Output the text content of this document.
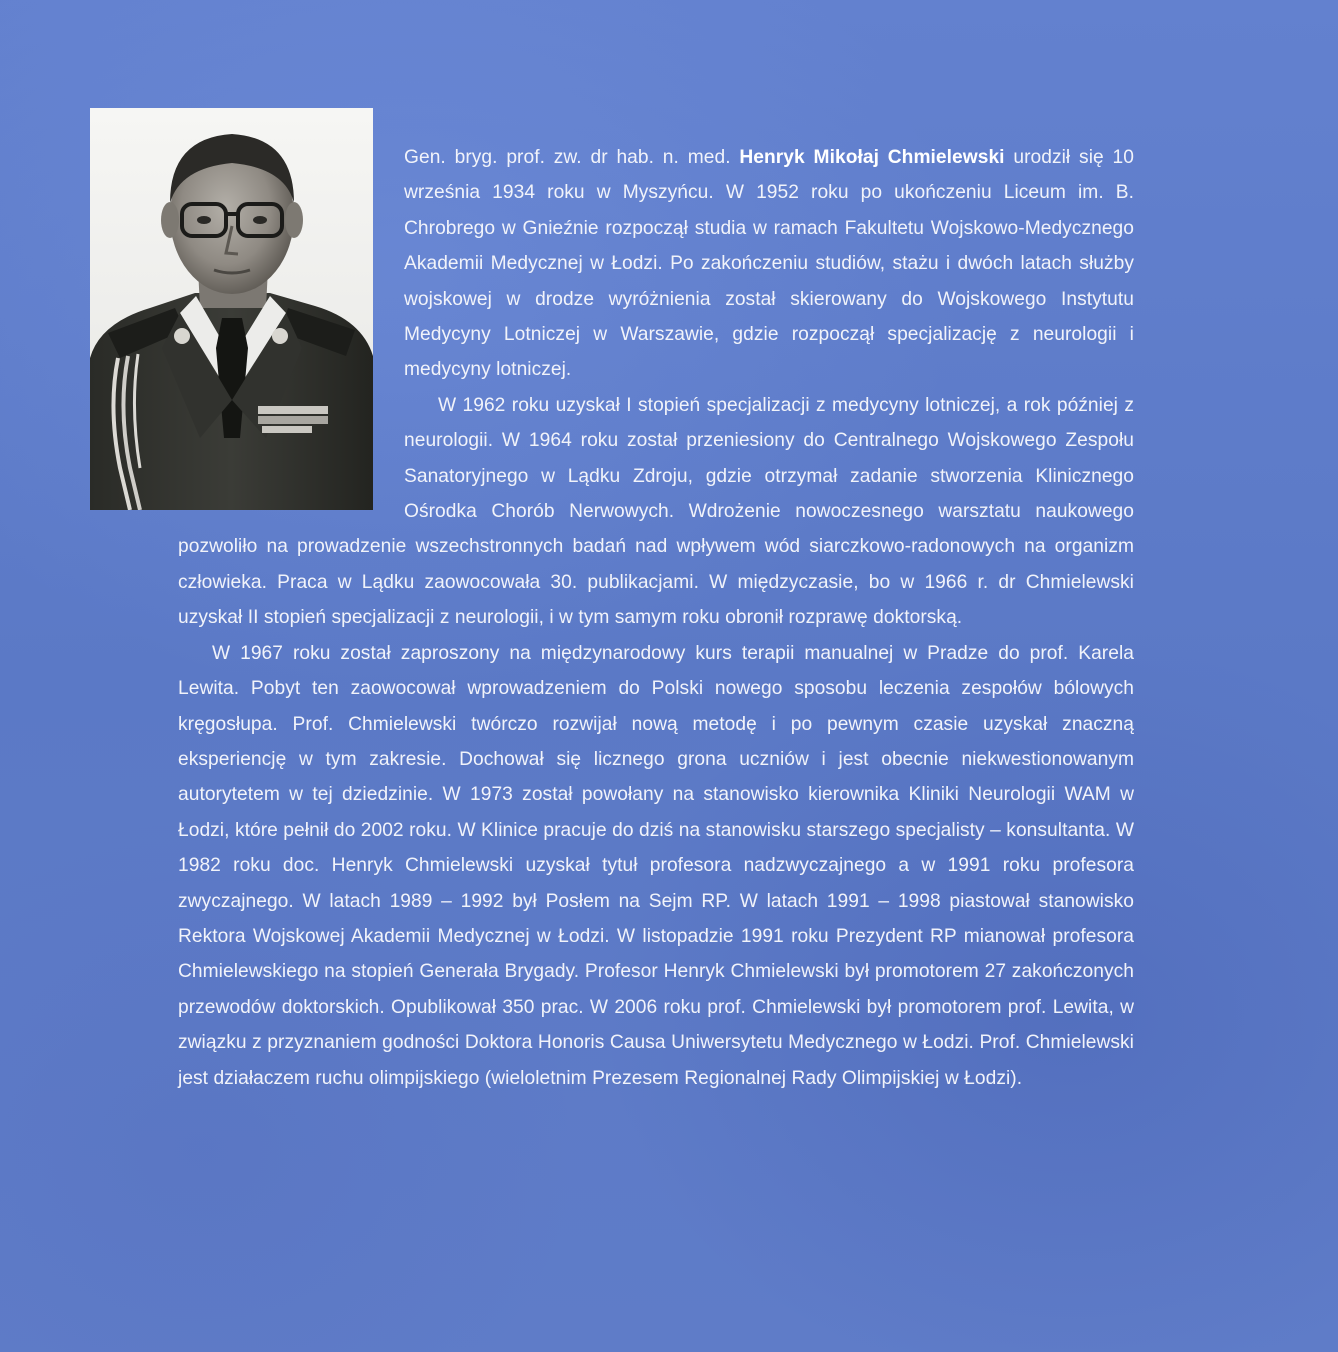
Gen. bryg. prof. zw. dr hab. n. med. Henryk Mikołaj Chmielewski urodził się 10 września 1934 roku w Myszyńcu. W 1952 roku po ukończeniu Liceum im. B. Chrobrego w Gnieźnie rozpoczął studia w ramach Fakultetu Wojskowo-Medycznego Akademii Medycznej w Łodzi. Po zakończeniu studiów, stażu i dwóch latach służby wojskowej w drodze wyróżnienia został skierowany do Wojskowego Instytutu Medycyny Lotniczej w Warszawie, gdzie rozpoczął specjalizację z neurologii i medycyny lotniczej.

W 1962 roku uzyskał I stopień specjalizacji z medycyny lotniczej, a rok później z neurologii. W 1964 roku został przeniesiony do Centralnego Wojskowego Zespołu Sanatoryjnego w Lądku Zdroju, gdzie otrzymał zadanie stworzenia Klinicznego Ośrodka Chorób Nerwowych. Wdrożenie nowoczesnego warsztatu naukowego pozwoliło na prowadzenie wszechstronnych badań nad wpływem wód siarczkowo-radonowych na organizm człowieka. Praca w Lądku zaowocowała 30. publikacjami. W międzyczasie, bo w 1966 r. dr Chmielewski uzyskał II stopień specjalizacji z neurologii, i w tym samym roku obronił rozprawę doktorską.

W 1967 roku został zaproszony na międzynarodowy kurs terapii manualnej w Pradze do prof. Karela Lewita. Pobyt ten zaowocował wprowadzeniem do Polski nowego sposobu leczenia zespołów bólowych kręgosłupa. Prof. Chmielewski twórczo rozwijał nową metodę i po pewnym czasie uzyskał znaczną eksperiencję w tym zakresie. Dochował się licznego grona uczniów i jest obecnie niekwestionowanym autorytetem w tej dziedzinie. W 1973 został powołany na stanowisko kierownika Kliniki Neurologii WAM w Łodzi, które pełnił do 2002 roku. W Klinice pracuje do dziś na stanowisku starszego specjalisty – konsultanta. W 1982 roku doc. Henryk Chmielewski uzyskał tytuł profesora nadzwyczajnego a w 1991 roku profesora zwyczajnego. W latach 1989 – 1992 był Posłem na Sejm RP. W latach 1991 – 1998 piastował stanowisko Rektora Wojskowej Akademii Medycznej w Łodzi. W listopadzie 1991 roku Prezydent RP mianował profesora Chmielewskiego na stopień Generała Brygady. Profesor Henryk Chmielewski był promotorem 27 zakończonych przewodów doktorskich. Opublikował 350 prac. W 2006 roku prof. Chmielewski był promotorem prof. Lewita, w związku z przyznaniem godności Doktora Honoris Causa Uniwersytetu Medycznego w Łodzi. Prof. Chmielewski jest działaczem ruchu olimpijskiego (wieloletnim Prezesem Regionalnej Rady Olimpijskiej w Łodzi).
